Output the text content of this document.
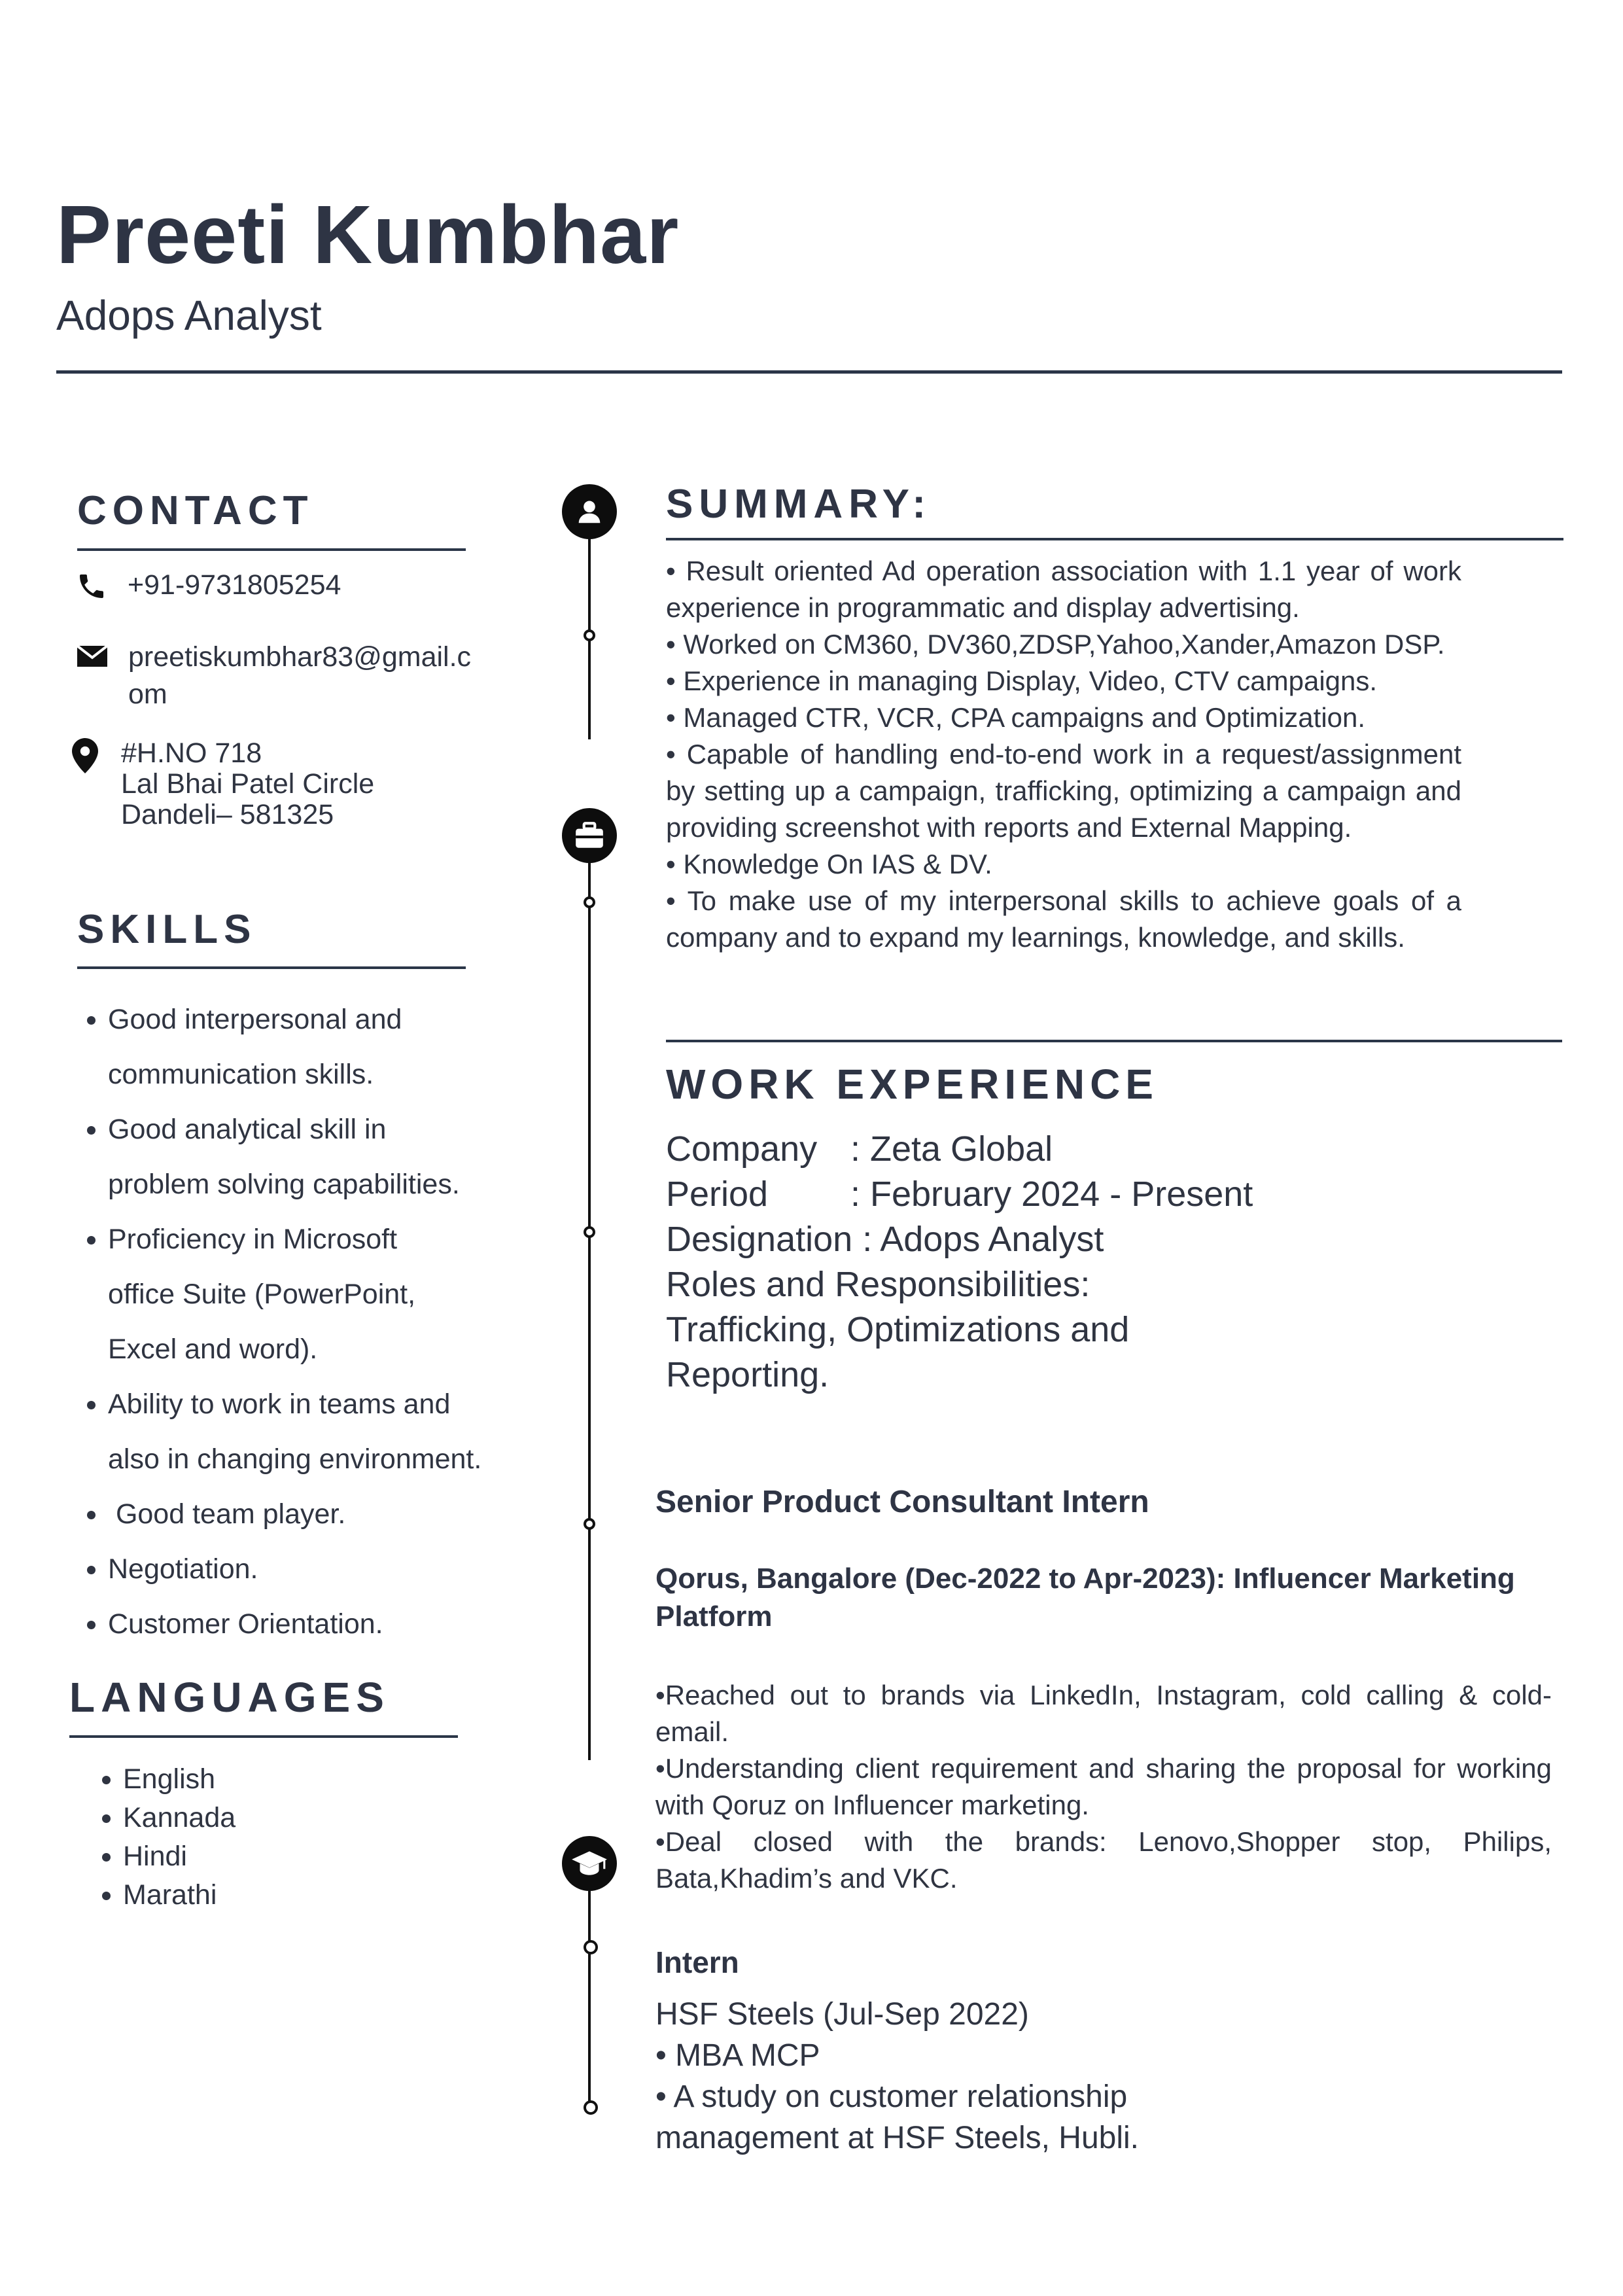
Preeti Kumbhar
Adops Analyst
CONTACT
+91-9731805254
preetiskumbhar83@gmail.c
om
#H.NO 718
Lal Bhai Patel Circle
Dandeli– 581325
SKILLS
• Good interpersonal and
communication skills.
• Good analytical skill in
problem solving capabilities.
• Proficiency in Microsoft
office Suite (PowerPoint,
Excel and word).
• Ability to work in teams and
also in changing environment.
•  Good team player.
• Negotiation.
• Customer Orientation.
LANGUAGES
• English
• Kannada
• Hindi
• Marathi
SUMMARY:
• Result oriented Ad operation association with 1.1 year of work experience in programmatic and display advertising.
• Worked on CM360, DV360,ZDSP,Yahoo,Xander,Amazon DSP.
• Experience in managing Display, Video, CTV campaigns.
• Managed CTR, VCR, CPA campaigns and Optimization.
• Capable of handling end-to-end work in a request/assignment by setting up a campaign, trafficking, optimizing a campaign and providing screenshot with reports and External Mapping.
• Knowledge On IAS & DV.
• To make use of my interpersonal skills to achieve goals of a company and to expand my learnings, knowledge, and skills.
WORK EXPERIENCE
Company : Zeta Global
Period : February 2024 - Present
Designation : Adops Analyst
Roles and Responsibilities:
Trafficking, Optimizations and
Reporting.
Senior Product Consultant Intern
Qorus, Bangalore (Dec-2022 to Apr-2023): Influencer Marketing Platform
•Reached out to brands via LinkedIn, Instagram, cold calling & cold-email.
•Understanding client requirement and sharing the proposal for working with Qoruz on Influencer marketing.
•Deal closed with the brands: Lenovo,Shopper stop, Philips, Bata,Khadim’s and VKC.
Intern
HSF Steels (Jul-Sep 2022)
• MBA MCP
• A study on customer relationship
management at HSF Steels, Hubli.
